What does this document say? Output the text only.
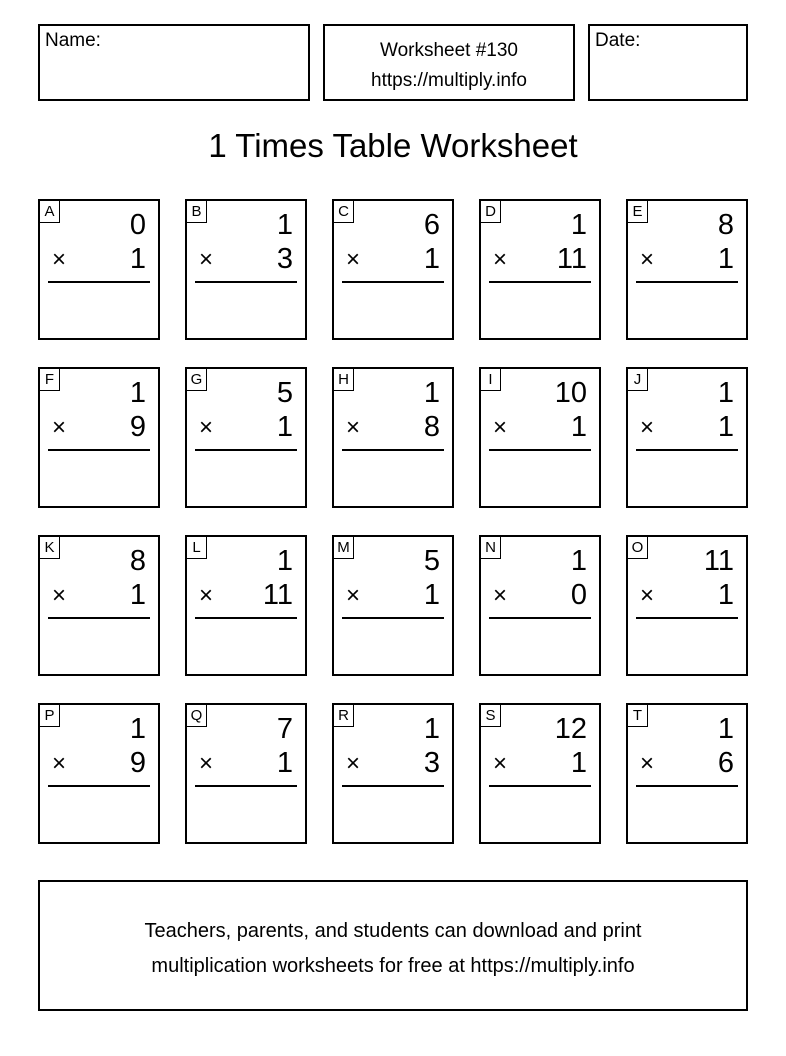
Name:	Worksheet #130
https://multiply.info
Date:
1 Times Table Worksheet
A	0
× 1
B	1
× 3
C	6
× 1
D	1
× 11
E	8
× 1
F	1
× 9
G	5
× 1
H	1
× 8
I 10
× 1
J	1
× 1
K	8
× 1
L	1
× 11
M	5
× 1
N	1
× 0
O 11
× 1
P	1
× 9
Q	7
× 1
R	1
× 3
S 12
× 1
T	1
× 6
Teachers, parents, and students can download and print
multiplication worksheets for free at https://multiply.info
